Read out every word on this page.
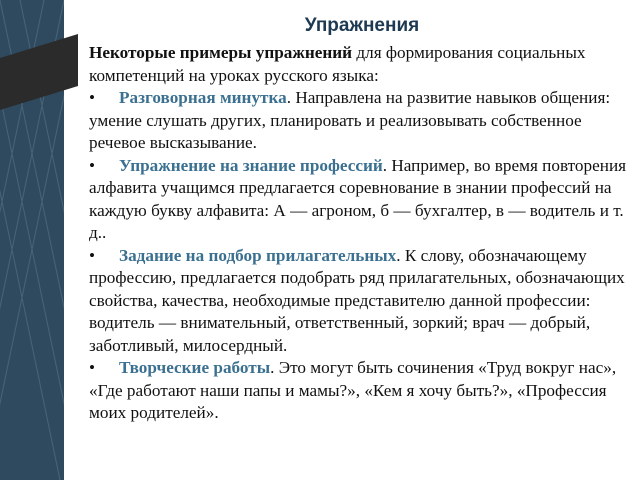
Упражнения

Некоторые примеры упражнений для формирования социальных компетенций на уроках русского языка:

• Разговорная минутка. Направлена на развитие навыков общения: умение слушать других, планировать и реализовывать собственное речевое высказывание.

• Упражнение на знание профессий. Например, во время повторения алфавита учащимся предлагается соревнование в знании профессий на каждую букву алфавита: А — агроном, б — бухгалтер, в — водитель и т. д..

• Задание на подбор прилагательных. К слову, обозначающему профессию, предлагается подобрать ряд прилагательных, обозначающих свойства, качества, необходимые представителю данной профессии: водитель — внимательный, ответственный, зоркий; врач — добрый, заботливый, милосердный.

• Творческие работы. Это могут быть сочинения «Труд вокруг нас», «Где работают наши папы и мамы?», «Кем я хочу быть?», «Профессия моих родителей».
